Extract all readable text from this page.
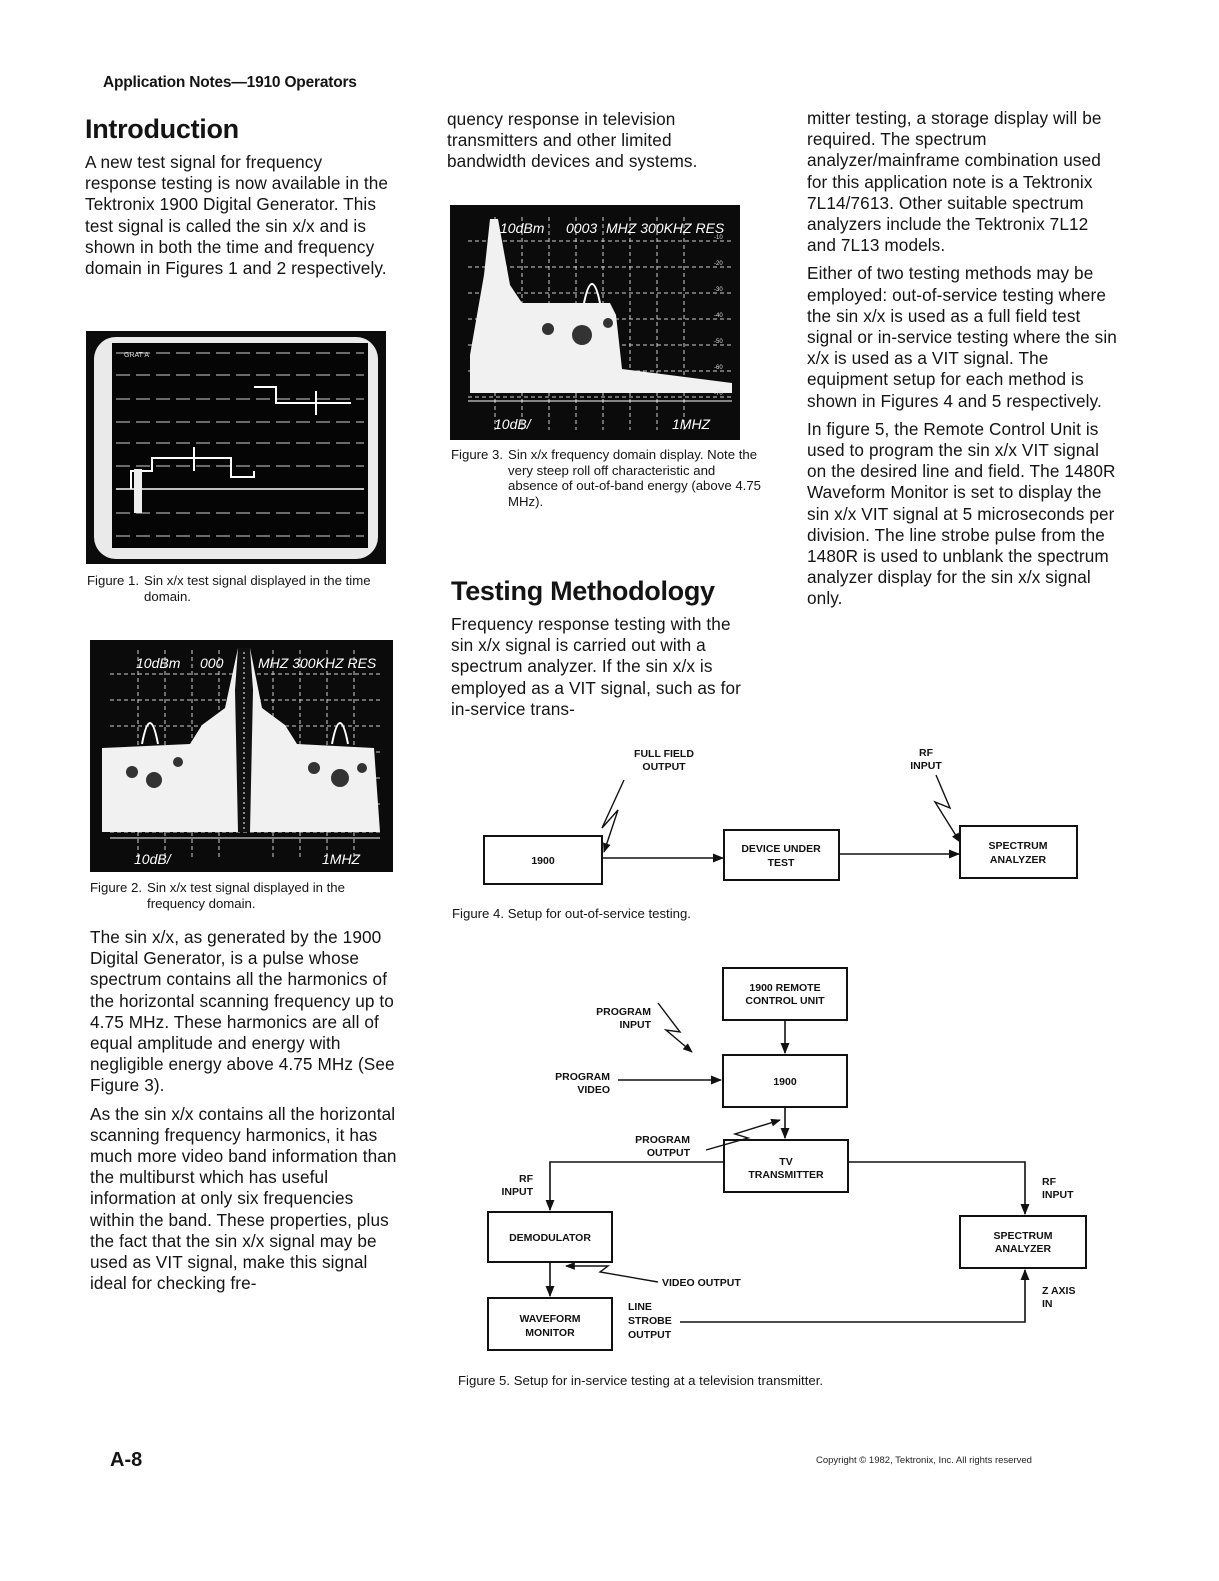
Application Notes—1910 Operators
Introduction

A new test signal for frequency response testing is now available in the Tektronix 1900 Digital Generator. This test signal is called the sin x/x and is shown in both the time and frequency domain in Figures 1 and 2 respectively.

GRAT A
Figure 1. Sin x/x test signal displayed in the time domain.
10dBm 000 MHZ 300KHZ RES
10dB/	1MHZ
Figure 2. Sin x/x test signal displayed in the frequency domain.

The sin x/x, as generated by the 1900 Digital Generator, is a pulse whose spectrum contains all the harmonics of the horizontal scanning frequency up to 4.75 MHz. These harmonics are all of equal amplitude and energy with negligible energy above 4.75 MHz (See Figure 3).

As the sin x/x contains all the horizontal scanning frequency harmonics, it has much more video band information than the multiburst which has useful information at only six frequencies within the band. These properties, plus the fact that the sin x/x signal may be used as VIT signal, make this signal ideal for checking fre-

quency response in television transmitters and other limited bandwidth devices and systems.

10dBm 0003 MHZ 300KHZ RES
10dB/	1MHZ
-10
-20
-30
-40
-50
-60
-70
Figure 3. Sin x/x frequency domain display. Note the very steep roll off characteristic and absence of out-of-band energy (above 4.75 MHz).
Testing Methodology

Frequency response testing with the sin x/x signal is carried out with a spectrum analyzer. If the sin x/x is employed as a VIT signal, such as for in-service trans-

mitter testing, a storage display will be required. The spectrum analyzer/mainframe combination used for this application note is a Tektronix 7L14/7613. Other suitable spectrum analyzers include the Tektronix 7L12 and 7L13 models.

Either of two testing methods may be employed: out-of-service testing where the sin x/x is used as a full field test signal or in-service testing where the sin x/x is used as a VIT signal. The equipment setup for each method is shown in Figures 4 and 5 respectively.

In figure 5, the Remote Control Unit is used to program the sin x/x VIT signal on the desired line and field. The 1480R Waveform Monitor is set to display the sin x/x VIT signal at 5 microseconds per division. The line strobe pulse from the 1480R is used to unblank the spectrum analyzer display for the sin x/x signal only.

1900
DEVICE UNDER
TEST
SPECTRUM
ANALYZER
FULL FIELD
OUTPUT
RF
INPUT
Figure 4. Setup for out-of-service testing.
1900 REMOTE
CONTROL UNIT
1900
TV
TRANSMITTER
DEMODULATOR	SPECTRUM
ANALYZER
WAVEFORM
MONITOR
PROGRAM
INPUT
PROGRAM
VIDEO
PROGRAM
OUTPUT
RF
INPUT
RF
INPUT
VIDEO OUTPUT
LINE
STROBE
OUTPUT
Z AXIS
IN
Figure 5. Setup for in-service testing at a television transmitter.
A-8	Copyright © 1982, Tektronix, Inc. All rights reserved
